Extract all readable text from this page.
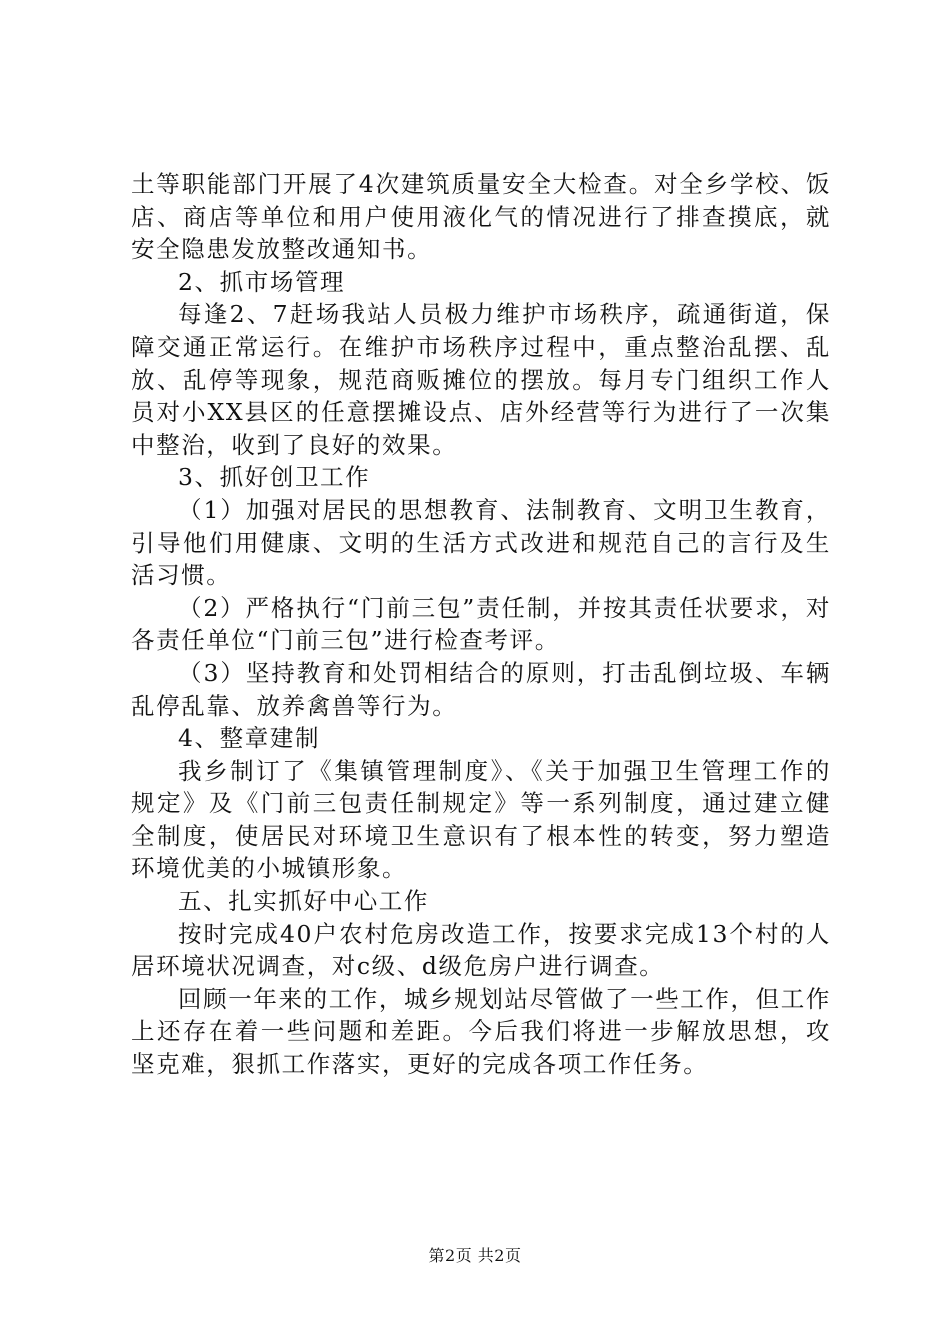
土等职能部门开展了4次建筑质量安全大检查。对全乡学校、饭店、商店等单位和用户使用液化气的情况进行了排查摸底，就安全隐患发放整改通知书。

2、抓市场管理

每逢2、7赶场我站人员极力维护市场秩序，疏通街道，保障交通正常运行。在维护市场秩序过程中，重点整治乱摆、乱放、乱停等现象，规范商贩摊位的摆放。每月专门组织工作人员对小XX县区的任意摆摊设点、店外经营等行为进行了一次集中整治，收到了良好的效果。

3、抓好创卫工作

（1）加强对居民的思想教育、法制教育、文明卫生教育，引导他们用健康、文明的生活方式改进和规范自己的言行及生活习惯。

（2）严格执行“门前三包”责任制，并按其责任状要求，对各责任单位“门前三包”进行检查考评。

（3）坚持教育和处罚相结合的原则，打击乱倒垃圾、车辆乱停乱靠、放养禽兽等行为。

4、整章建制

我乡制订了《集镇管理制度》、《关于加强卫生管理工作的规定》及《门前三包责任制规定》等一系列制度，通过建立健全制度，使居民对环境卫生意识有了根本性的转变，努力塑造环境优美的小城镇形象。

五、扎实抓好中心工作

按时完成40户农村危房改造工作，按要求完成13个村的人居环境状况调查，对c级、d级危房户进行调查。

回顾一年来的工作，城乡规划站尽管做了一些工作，但工作上还存在着一些问题和差距。今后我们将进一步解放思想，攻坚克难，狠抓工作落实，更好的完成各项工作任务。

第2页 共2页
